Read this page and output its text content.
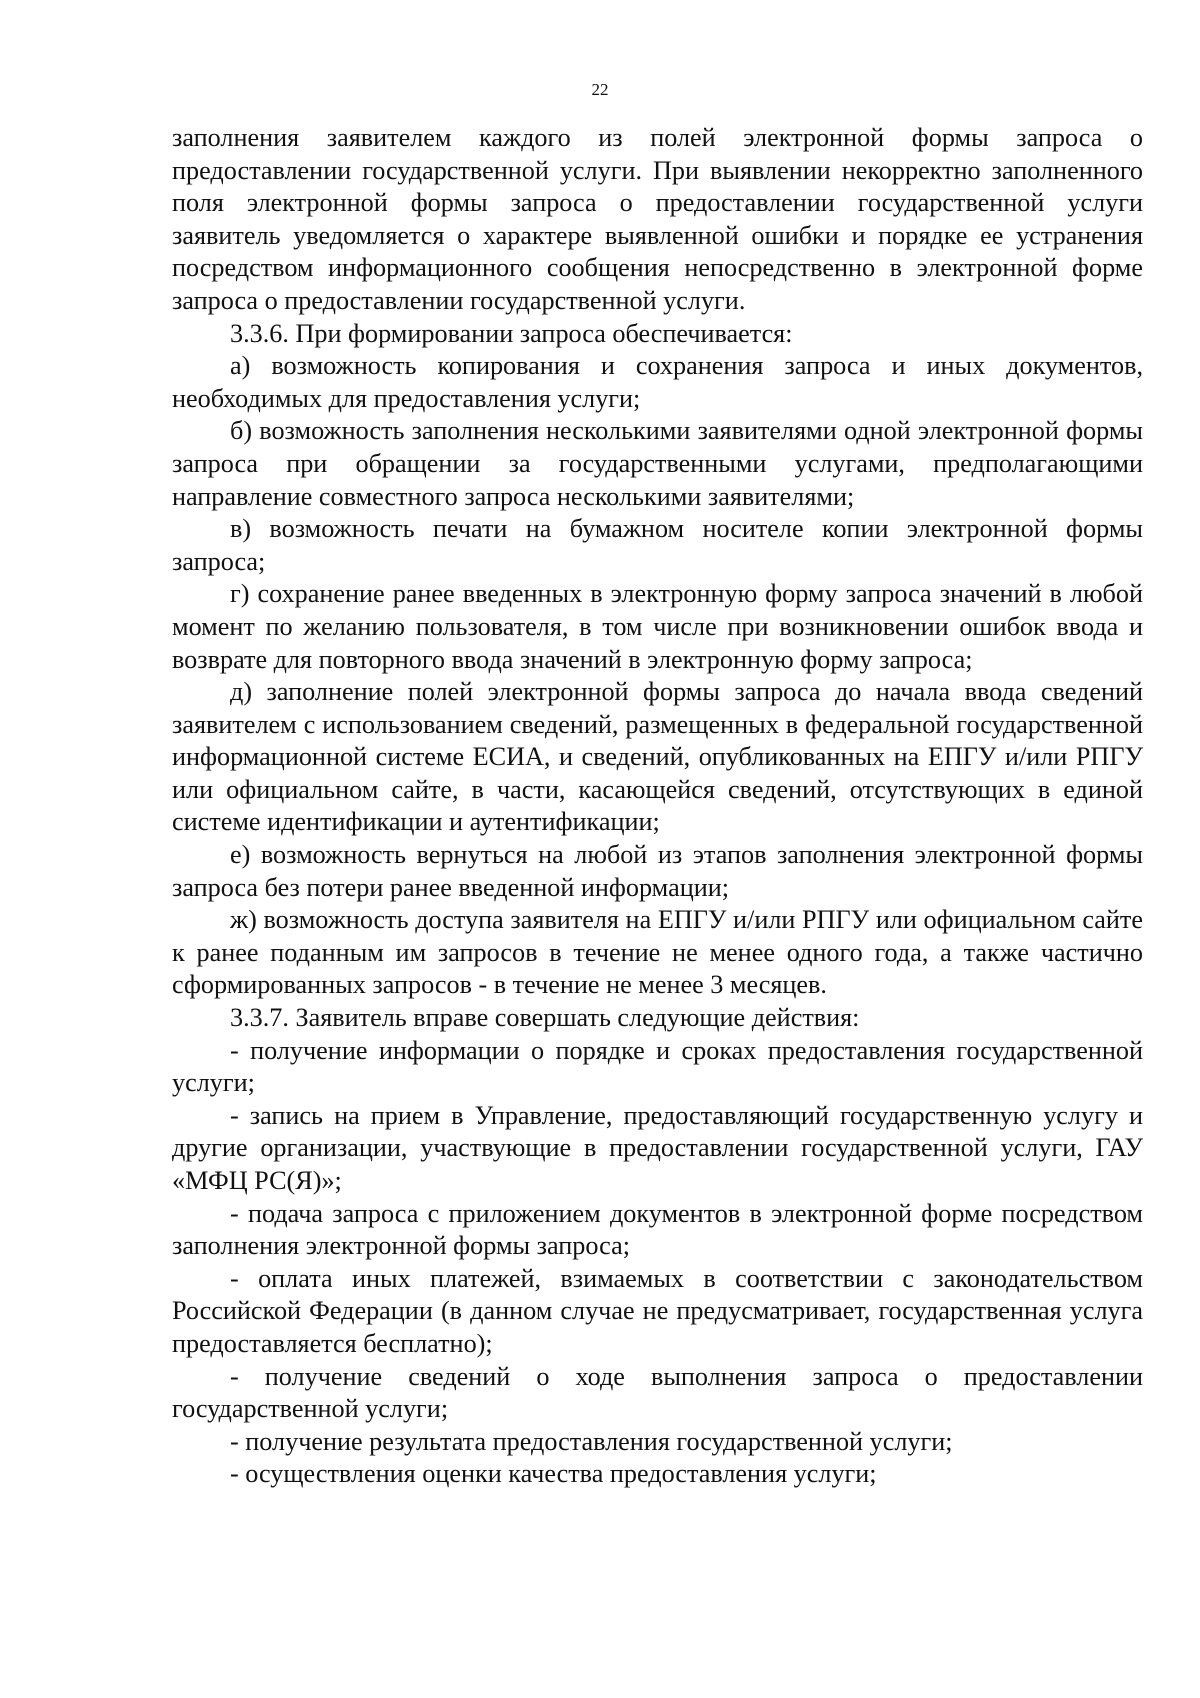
22

заполнения заявителем каждого из полей электронной формы запроса о предоставлении государственной услуги. При выявлении некорректно заполненного поля электронной формы запроса о предоставлении государственной услуги заявитель уведомляется о характере выявленной ошибки и порядке ее устранения посредством информационного сообщения непосредственно в электронной форме запроса о предоставлении государственной услуги.

3.3.6. При формировании запроса обеспечивается:

а) возможность копирования и сохранения запроса и иных документов, необходимых для предоставления услуги;

б) возможность заполнения несколькими заявителями одной электронной формы запроса при обращении за государственными услугами, предполагающими направление совместного запроса несколькими заявителями;

в) возможность печати на бумажном носителе копии электронной формы запроса;

г) сохранение ранее введенных в электронную форму запроса значений в любой момент по желанию пользователя, в том числе при возникновении ошибок ввода и возврате для повторного ввода значений в электронную форму запроса;

д) заполнение полей электронной формы запроса до начала ввода сведений заявителем с использованием сведений, размещенных в федеральной государственной информационной системе ЕСИА, и сведений, опубликованных на ЕПГУ и/или РПГУ или официальном сайте, в части, касающейся сведений, отсутствующих в единой системе идентификации и аутентификации;

е) возможность вернуться на любой из этапов заполнения электронной формы запроса без потери ранее введенной информации;

ж) возможность доступа заявителя на ЕПГУ и/или РПГУ или официальном сайте к ранее поданным им запросов в течение не менее одного года, а также частично сформированных запросов - в течение не менее 3 месяцев.

3.3.7. Заявитель вправе совершать следующие действия:

- получение информации о порядке и сроках предоставления государственной услуги;

- запись на прием в Управление, предоставляющий государственную услугу и другие организации, участвующие в предоставлении государственной услуги, ГАУ «МФЦ РС(Я)»;

- подача запроса с приложением документов в электронной форме посредством заполнения электронной формы запроса;

- оплата иных платежей, взимаемых в соответствии с законодательством Российской Федерации (в данном случае не предусматривает, государственная услуга предоставляется бесплатно);

- получение сведений о ходе выполнения запроса о предоставлении государственной услуги;

- получение результата предоставления государственной услуги;

- осуществления оценки качества предоставления услуги;
